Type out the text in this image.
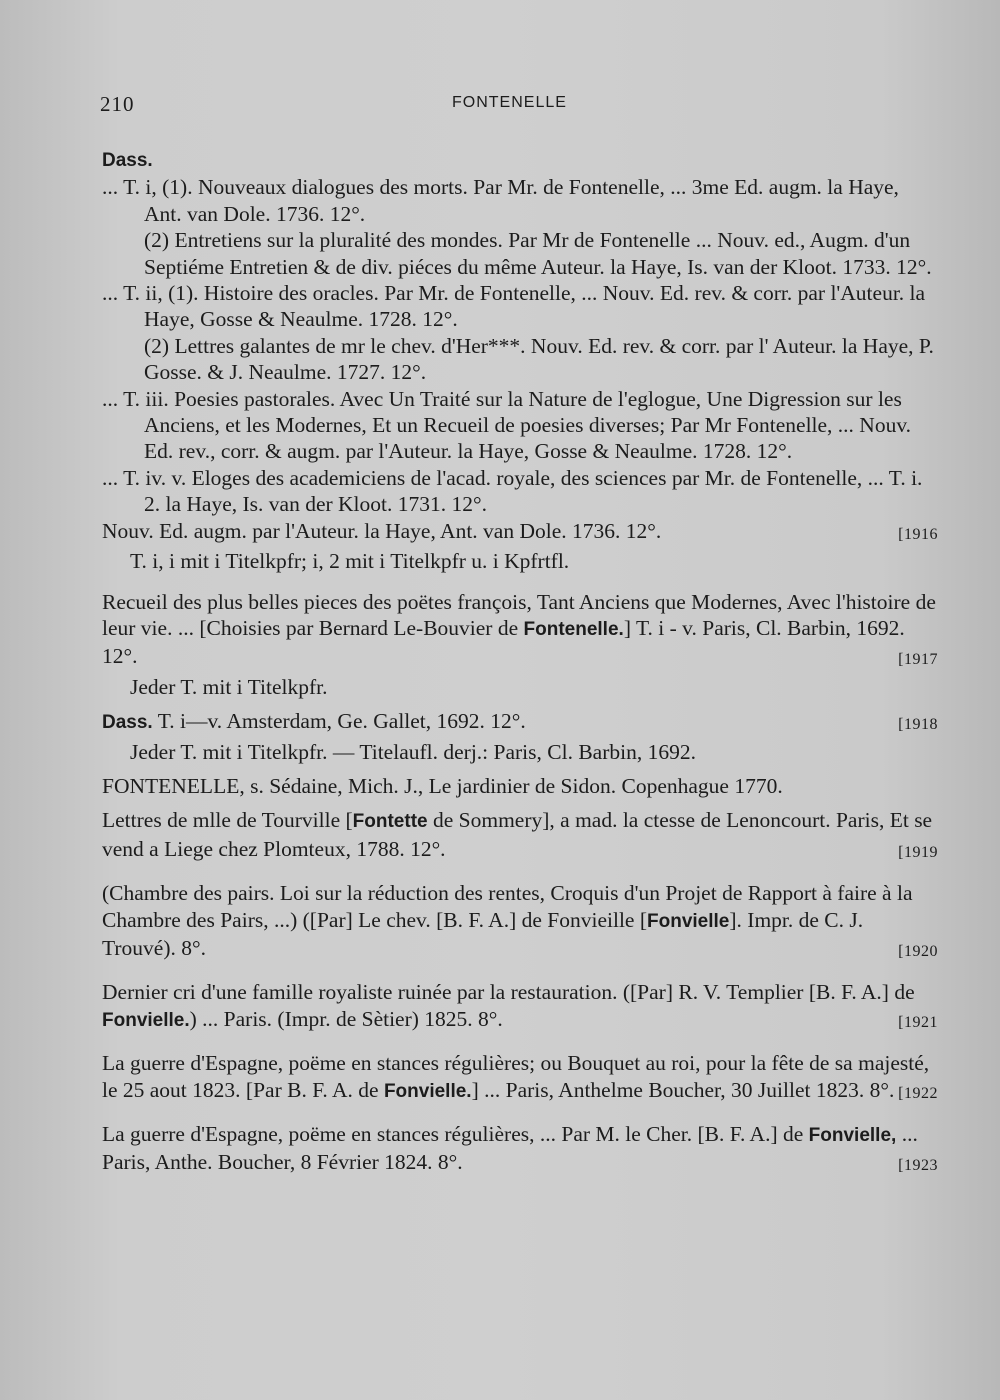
210	FONTENELLE

Dass.

... T. i, (1). Nouveaux dialogues des morts. Par Mr. de Fontenelle, ... 3me Ed. augm. la Haye, Ant. van Dole. 1736. 12°.

(2) Entretiens sur la pluralité des mondes. Par Mr de Fontenelle ... Nouv. ed., Augm. d'un Septiéme Entretien & de div. piéces du même Auteur. la Haye, Is. van der Kloot. 1733. 12°.

... T. ii, (1). Histoire des oracles. Par Mr. de Fontenelle, ... Nouv. Ed. rev. & corr. par l'Auteur. la Haye, Gosse & Neaulme. 1728. 12°.

(2) Lettres galantes de mr le chev. d'Her***. Nouv. Ed. rev. & corr. par l' Auteur. la Haye, P. Gosse. & J. Neaulme. 1727. 12°.

... T. iii. Poesies pastorales. Avec Un Traité sur la Nature de l'eglogue, Une Digression sur les Anciens, et les Modernes, Et un Recueil de poesies diverses; Par Mr Fontenelle, ... Nouv. Ed. rev., corr. & augm. par l'Auteur. la Haye, Gosse & Neaulme. 1728. 12°.

... T. iv. v. Eloges des academiciens de l'acad. royale, des sciences par Mr. de Fontenelle, ... T. i. 2. la Haye, Is. van der Kloot. 1731. 12°.

[1916
Nouv. Ed. augm. par l'Auteur. la Haye, Ant. van Dole. 1736. 12°.

T. i, i mit i Titelkpfr; i, 2 mit i Titelkpfr u. i Kpfrtfl.

Recueil des plus belles pieces des poëtes françois, Tant Anciens que Modernes, Avec l'histoire de leur vie. ... [Choisies par Bernard Le-Bouvier de Fontenelle.] T. i - v. Paris, Cl. Barbin, 1692. 12°.	[1917

Jeder T. mit i Titelkpfr.

[1918
Dass. T. i—v. Amsterdam, Ge. Gallet, 1692. 12°.

Jeder T. mit i Titelkpfr. — Titelaufl. derj.: Paris, Cl. Barbin, 1692.

FONTENELLE, s. Sédaine, Mich. J., Le jardinier de Sidon. Copenhague 1770.

Lettres de mlle de Tourville [Fontette de Sommery], a mad. la ctesse de Lenoncourt. Paris, Et se vend a Liege chez Plomteux, 1788. 12°.	[1919

(Chambre des pairs. Loi sur la réduction des rentes, Croquis d'un Projet de Rapport à faire à la Chambre des Pairs, ...) ([Par] Le chev. [B. F. A.] de Fonvieille [Fonvielle]. Impr. de C. J. Trouvé). 8°.	[1920

Dernier cri d'une famille royaliste ruinée par la restauration. ([Par] R. V. Templier [B. F. A.] de Fonvielle.) ... Paris. (Impr. de Sètier) 1825. 8°.	[1921

La guerre d'Espagne, poëme en stances régulières; ou Bouquet au roi, pour la fête de sa majesté, le 25 aout 1823. [Par B. F. A. de Fonvielle.] ... Paris, Anthelme Boucher, 30 Juillet 1823. 8°. [1922

La guerre d'Espagne, poëme en stances régulières, ... Par M. le Cher. [B. F. A.] de Fonvielle, ... Paris, Anthe. Boucher, 8 Février 1824. 8°.	[1923
